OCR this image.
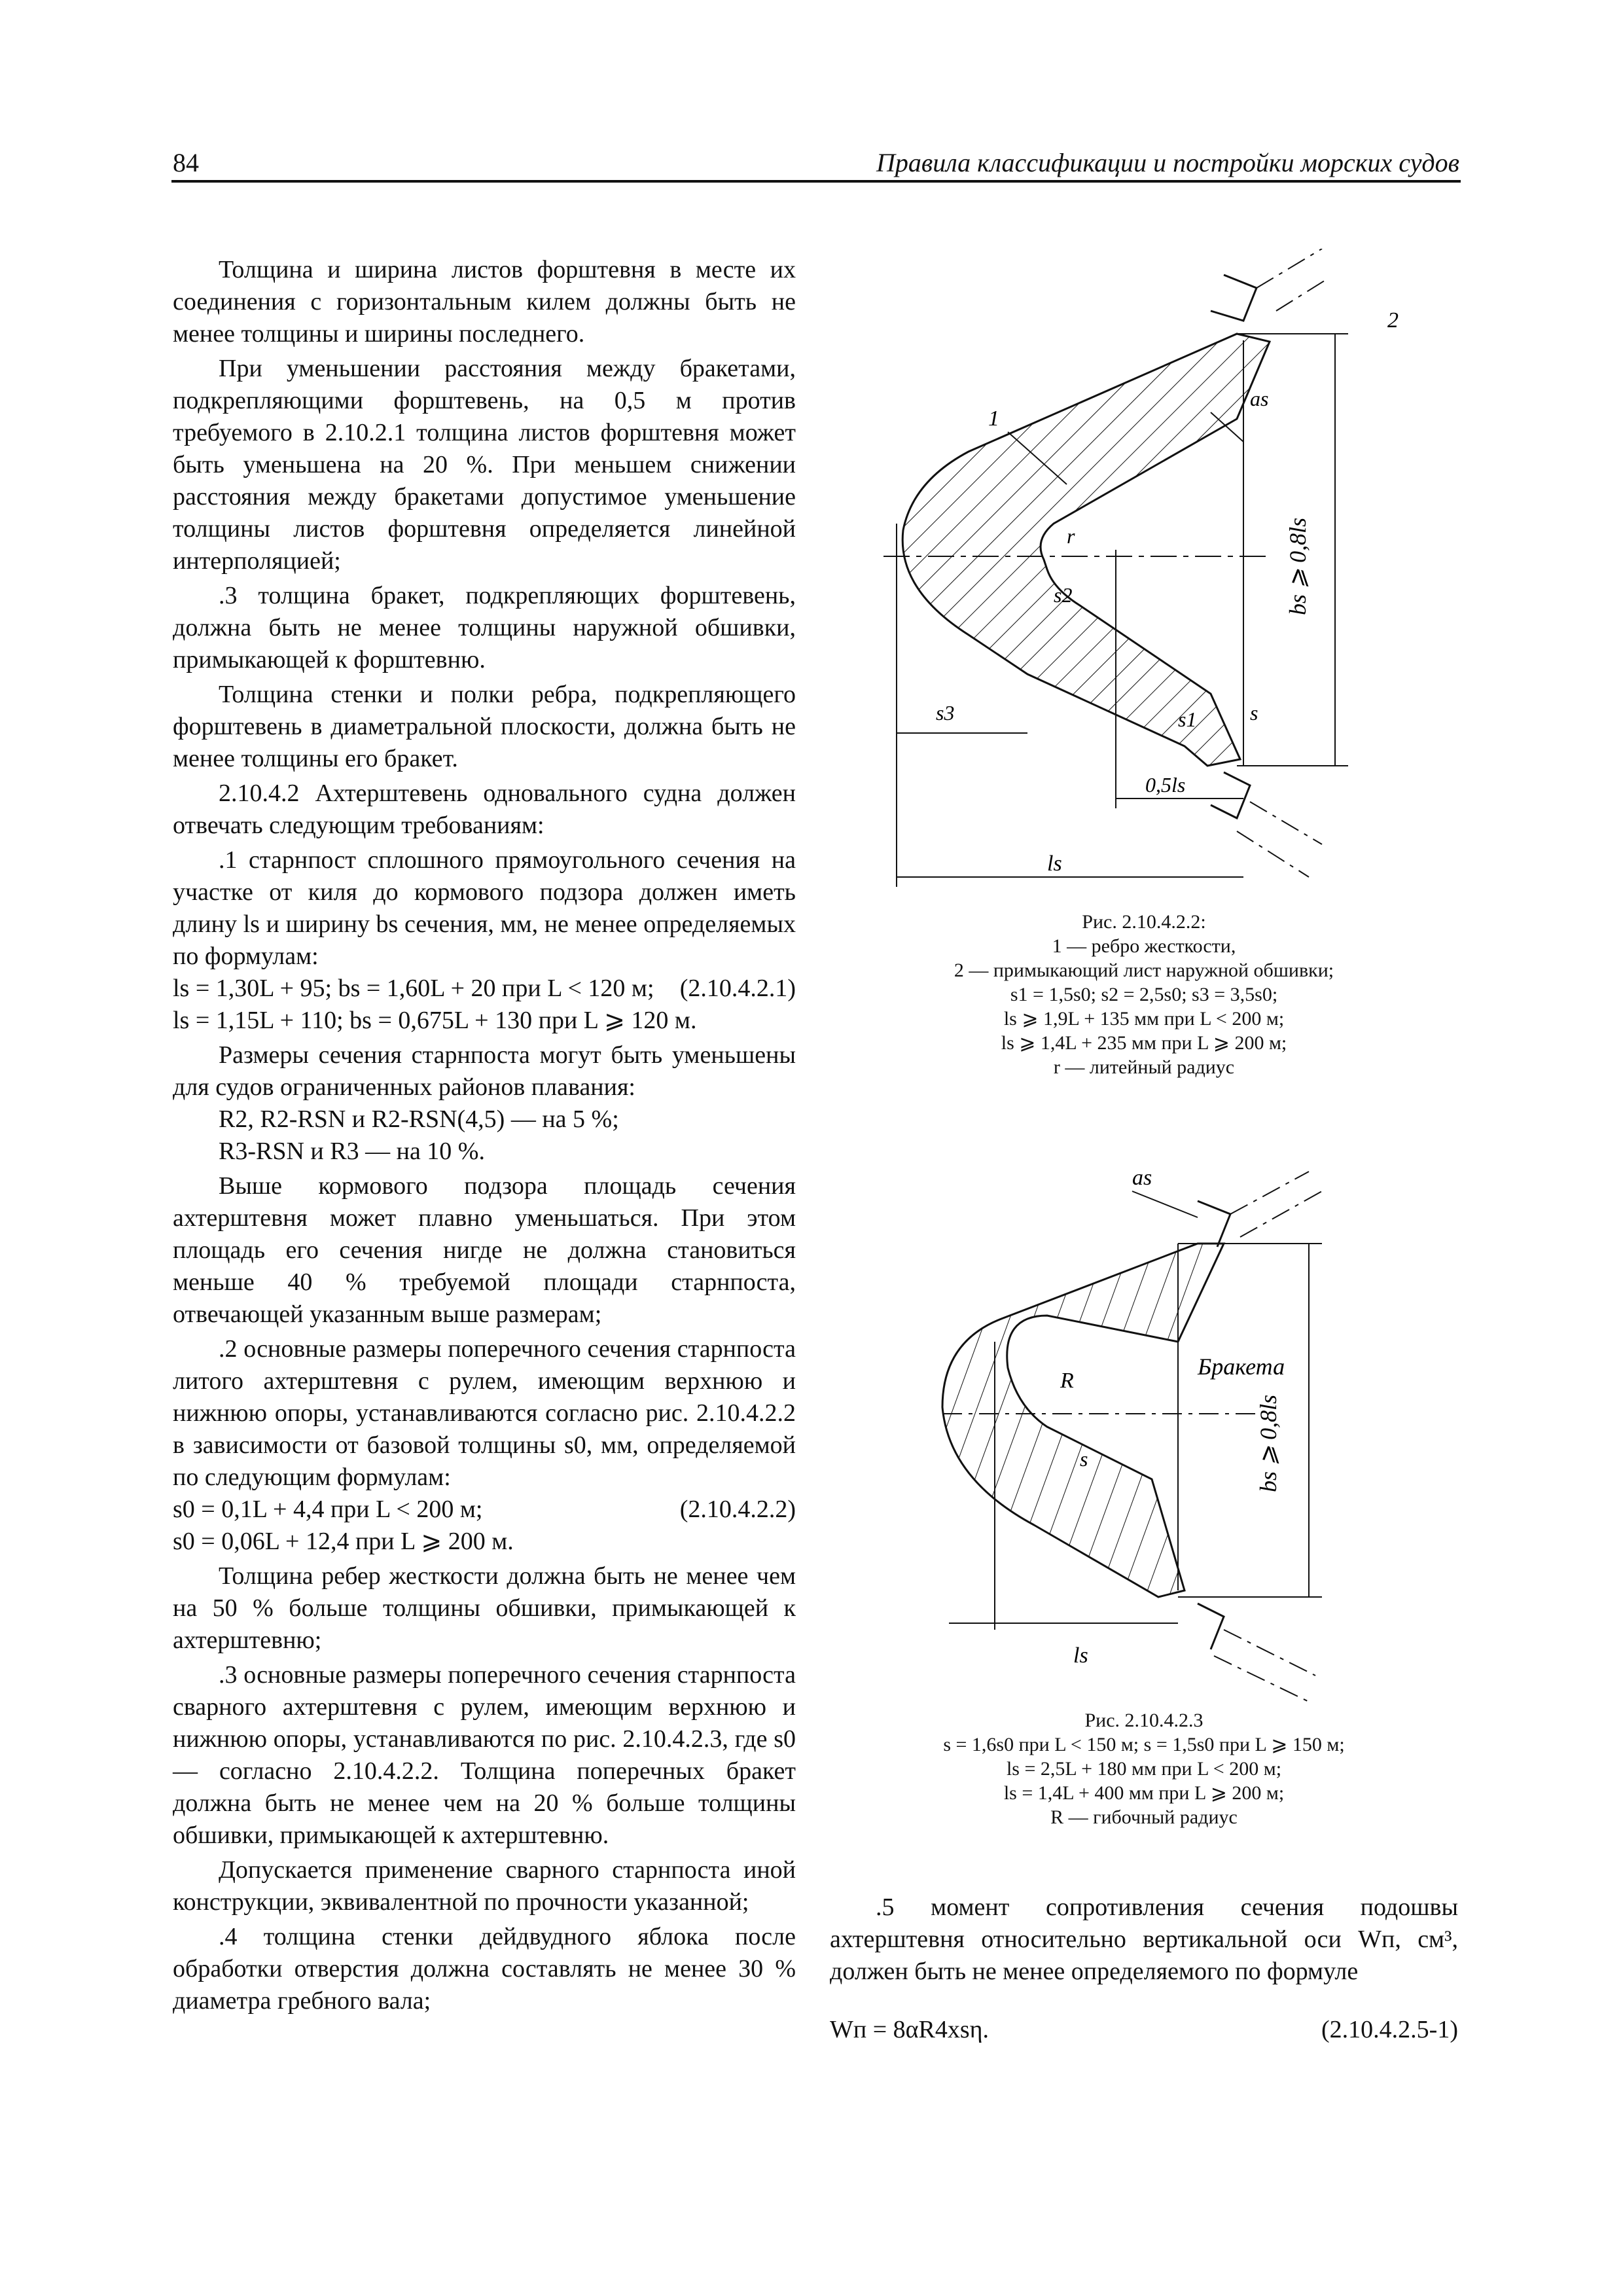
84	Правила классификации и постройки морских судов

Толщина и ширина листов форштевня в месте их соединения с горизонтальным килем должны быть не менее толщины и ширины последнего.

При уменьшении расстояния между бракетами, подкрепляющими форштевень, на 0,5 м против требуемого в 2.10.2.1 толщина листов форштевня может быть уменьшена на 20 %. При меньшем снижении расстояния между бракетами допустимое уменьшение толщины листов форштевня определяется линейной интерполяцией;

.3 толщина бракет, подкрепляющих форштевень, должна быть не менее толщины наружной обшивки, примыкающей к форштевню.

Толщина стенки и полки ребра, подкрепляющего форштевень в диаметральной плоскости, должна быть не менее толщины его бракет.

2.10.4.2 Ахтерштевень одновального судна должен отвечать следующим требованиям:

.1 старнпост сплошного прямоугольного сечения на участке от киля до кормового подзора должен иметь длину ls и ширину bs сечения, мм, не менее определяемых по формулам:

ls = 1,30L + 95; bs = 1,60L + 20 при L < 120 м; (2.10.4.2.1)
ls = 1,15L + 110; bs = 0,675L + 130 при L ⩾ 120 м.

Размеры сечения старнпоста могут быть уменьшены для судов ограниченных районов плавания:

R2, R2-RSN и R2-RSN(4,5) — на 5 %;

R3-RSN и R3 — на 10 %.

Выше кормового подзора площадь сечения ахтерштевня может плавно уменьшаться. При этом площадь его сечения нигде не должна становиться меньше 40 % требуемой площади старнпоста, отвечающей указанным выше размерам;

.2 основные размеры поперечного сечения старнпоста литого ахтерштевня с рулем, имеющим верхнюю и нижнюю опоры, устанавливаются согласно рис. 2.10.4.2.2 в зависимости от базовой толщины s0, мм, определяемой по следующим формулам:

s0 = 0,1L + 4,4 при L < 200 м;	(2.10.4.2.2)
s0 = 0,06L + 12,4 при L ⩾ 200 м.

Толщина ребер жесткости должна быть не менее чем на 50 % больше толщины обшивки, примыкающей к ахтерштевню;

.3 основные размеры поперечного сечения старнпоста сварного ахтерштевня с рулем, имеющим верхнюю и нижнюю опоры, устанавливаются по рис. 2.10.4.2.3, где s0 — согласно 2.10.4.2.2. Толщина поперечных бракет должна быть не менее чем на 20 % больше толщины обшивки, примыкающей к ахтерштевню.

Допускается применение сварного старнпоста иной конструкции, эквивалентной по прочности указанной;

.4 толщина стенки дейдвудного яблока после обработки отверстия должна составлять не менее 30 % диаметра гребного вала;

1
2
as
r
s2
s3	s1	s
0,5ls
ls
bs ⩾ 0,8ls
Рис. 2.10.4.2.2:
1 — ребро жесткости,
2 — примыкающий лист наружной обшивки;
s1 = 1,5s0; s2 = 2,5s0; s3 = 3,5s0;
ls ⩾ 1,9L + 135 мм при L < 200 м;
ls ⩾ 1,4L + 235 мм при L ⩾ 200 м;
r — литейный радиус
as
Бракета
R
s
ls
bs ⩾ 0,8ls
Рис. 2.10.4.2.3
s = 1,6s0 при L < 150 м; s = 1,5s0 при L ⩾ 150 м;
ls = 2,5L + 180 мм при L < 200 м;
ls = 1,4L + 400 мм при L ⩾ 200 м;
R — гибочный радиус

.5 момент сопротивления сечения подошвы ахтерштевня относительно вертикальной оси Wп, см³, должен быть не менее определяемого по формуле

Wп = 8αR4xsη.	(2.10.4.2.5-1)
